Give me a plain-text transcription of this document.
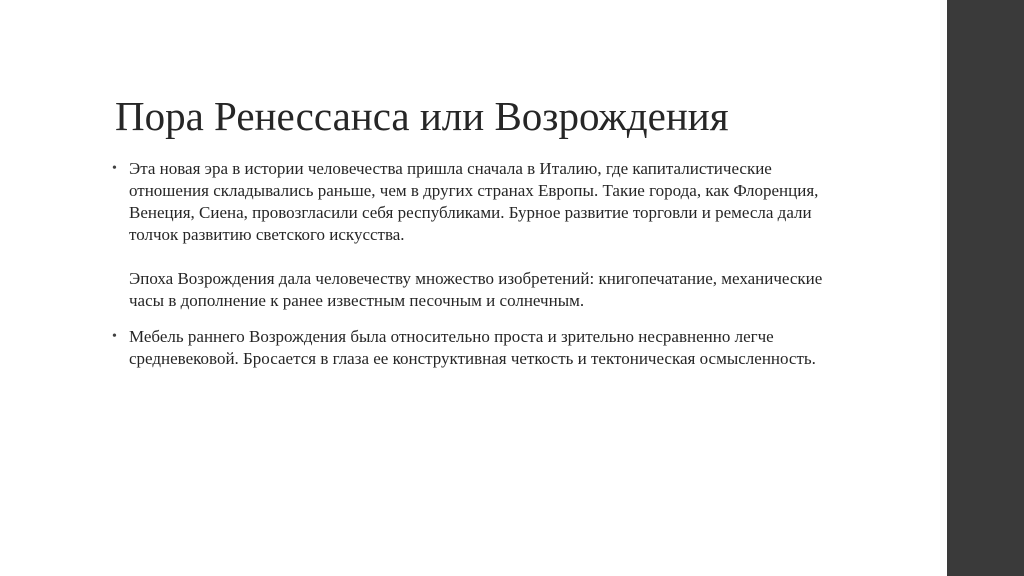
Пора Ренессанса или Возрождения
• Эта новая эра в истории человечества пришла сначала в Италию, где капиталистические отношения складывались раньше, чем в других странах Европы. Такие города, как Флоренция, Венеция, Сиена, провозгласили себя республиками. Бурное развитие торговли и ремесла дали толчок развитию светского искусства.

Эпоха Возрождения дала человечеству множество изобретений: книгопечатание, механические часы в дополнение к ранее известным песочным и солнечным.

• Мебель раннего Возрождения была относительно проста и зрительно несравненно легче средневековой. Бросается в глаза ее конструктивная четкость и тектоническая осмысленность.
